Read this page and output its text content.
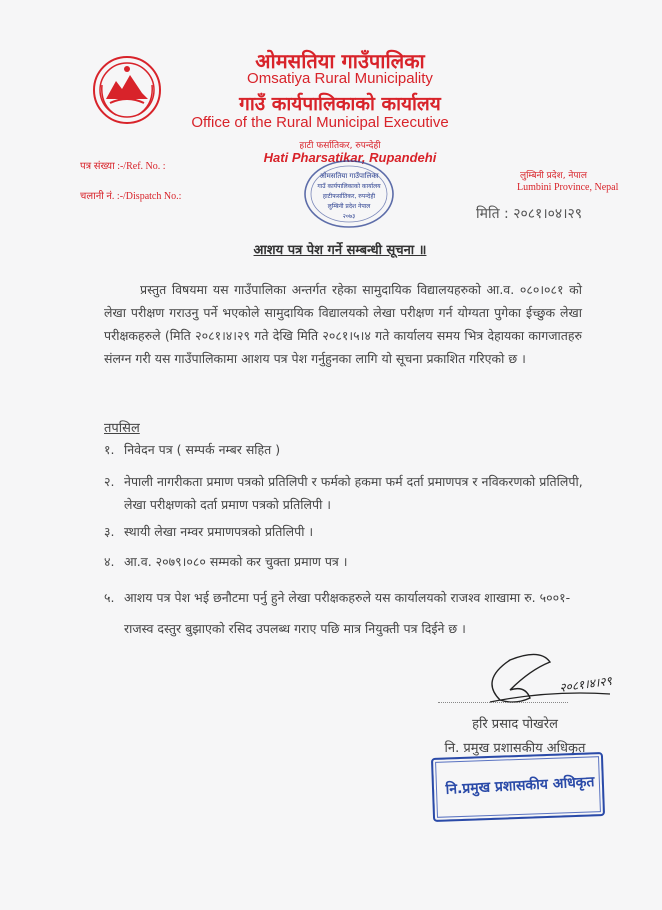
ओमसतिया गाउँपालिका
Omsatiya Rural Municipality
गाउँ कार्यपालिकाको कार्यालय
Office of the Rural Municipal Executive
हाटी फर्सातिकर, रुपन्देही
Hati Pharsatikar, Rupandehi
पत्र संख्या :-/Ref. No. :
चलानी नं. :-/Dispatch No.:
लुम्बिनी प्रदेश, नेपाल
Lumbini Province, Nepal
मिति : २०८१।०४।२९
ओमसतिया गाउँपालिका
गाउँ कार्यपालिकाको कार्यालय
हाटीफर्सातिकर, रुपन्देही
लुम्बिनी प्रदेश नेपाल
२०७३
आशय पत्र पेश गर्ने सम्बन्धी सूचना ॥
प्रस्तुत विषयमा यस गाउँपालिका अन्तर्गत रहेका सामुदायिक विद्यालयहरुको आ.व. ०८०।०८१ को लेखा परीक्षण गराउनु पर्ने भएकोले सामुदायिक विद्यालयको लेखा परीक्षण गर्न योग्यता पुगेका ईच्छुक लेखा परीक्षकहरुले (मिति २०८१।४।२९ गते देखि मिति २०८१।५।४ गते कार्यालय समय भित्र देहायका कागजातहरु संलग्न गरी यस गाउँपालिकामा आशय पत्र पेश गर्नुहुनका लागि यो सूचना प्रकाशित गरिएको छ ।
तपसिल
१. निवेदन पत्र ( सम्पर्क नम्बर सहित )
२. नेपाली नागरीकता प्रमाण पत्रको प्रतिलिपी र फर्मको हकमा फर्म दर्ता प्रमाणपत्र र नविकरणको प्रतिलिपी, लेखा परीक्षणको दर्ता प्रमाण पत्रको प्रतिलिपी ।
३. स्थायी लेखा नम्वर प्रमाणपत्रको प्रतिलिपी ।
४. आ.व. २०७९।०८० सम्मको कर चुक्ता प्रमाण पत्र ।
५. आशय पत्र पेश भई छनौटमा पर्नु हुने लेखा परीक्षकहरुले यस कार्यालयको राजश्व शाखामा रु. ५००१- राजस्व दस्तुर बुझाएको रसिद उपलब्ध गराए पछि मात्र नियुक्ती पत्र दिईने छ ।
२०८१।४।२९
हरि प्रसाद पोखरेल
नि. प्रमुख प्रशासकीय अधिकृत
नि.प्रमुख प्रशासकीय अधिकृत
